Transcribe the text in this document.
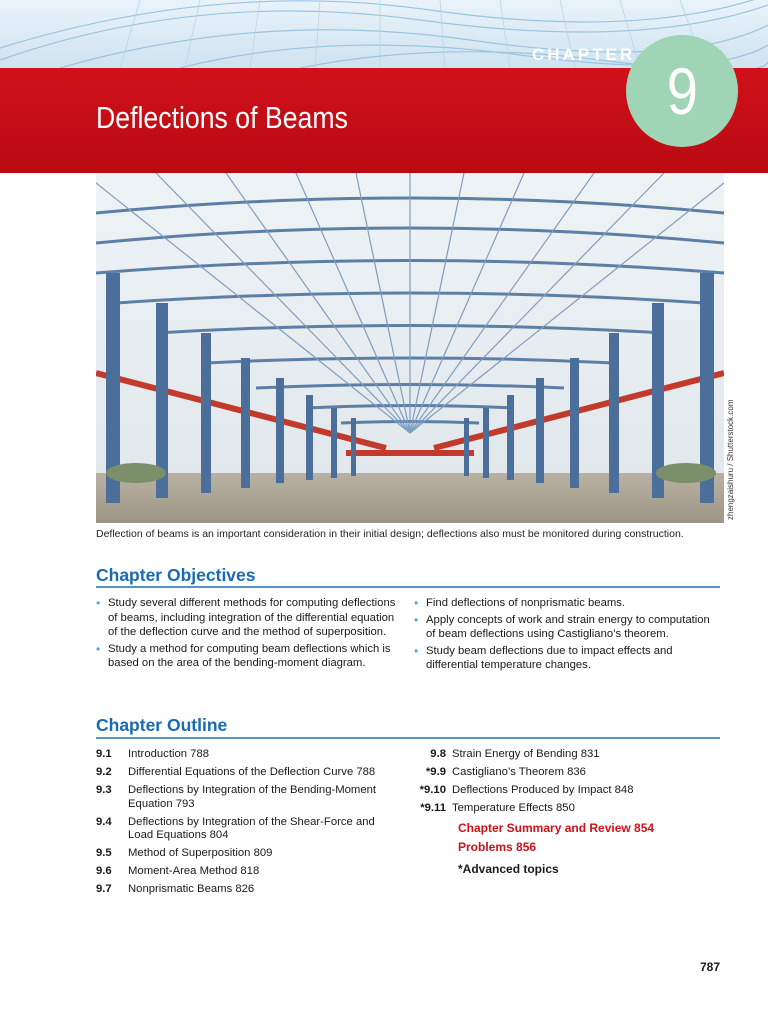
CHAPTER 9
Deflections of Beams
zhengzaishuru / Shutterstock.com
Deflection of beams is an important consideration in their initial design; deflections also must be monitored during construction.
Chapter Objectives
• Study several different methods for computing deflections of beams, including integration of the differential equation of the deflection curve and the method of superposition.
• Study a method for computing beam deflections which is based on the area of the bending-moment diagram.
• Find deflections of nonprismatic beams.
• Apply concepts of work and strain energy to computation of beam deflections using Castigliano’s theorem.
• Study beam deflections due to impact effects and differential temperature changes.
Chapter Outline
9.1	Introduction 788
9.2	Differential Equations of the Deflection Curve 788
9.3	Deflections by Integration of the Bending-Moment Equation 793
9.4	Deflections by Integration of the Shear-Force and Load Equations 804
9.5	Method of Superposition 809
9.6	Moment-Area Method 818
9.7	Nonprismatic Beams 826
9.8 Strain Energy of Bending 831
*9.9 Castigliano’s Theorem 836
*9.10 Deflections Produced by Impact 848
*9.11 Temperature Effects 850
Chapter Summary and Review 854
Problems 856
*Advanced topics
787
